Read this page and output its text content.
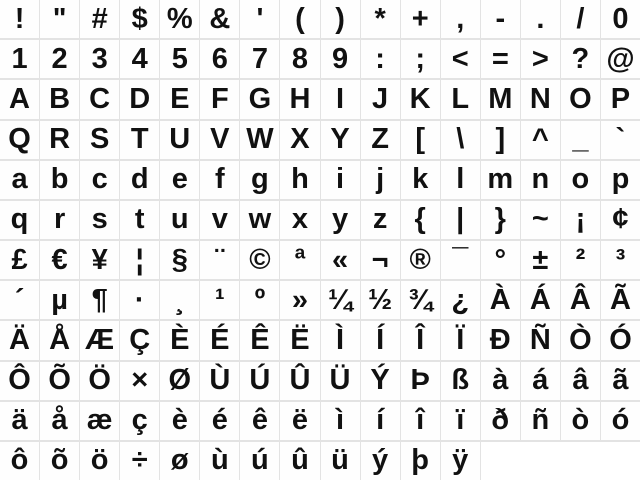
! " # $ % & '	(	)	* + ,	-	.	/ 0
1 2 3 4 5 6 7 8 9 :	; < = > ? @
A B C D E F G H I J K L M N O P
Q R S T U V W X Y Z [	\	] ^ _ `
a b c d e f g h i	j k l m n o p
q r s t u v w x y z {	|	} ~ ¡ ¢
£ € ¥ ¦ § ¨ © ª « ¬ ® ¯ ° ± ²	³
´ µ ¶ ·	¸	¹	º » ¼ ½ ¾ ¿ À Á Â Ã
Ä Å Æ Ç È É Ê Ë Ì	Í	Î	Ï Ð Ñ Ò Ó
Ô Õ Ö × Ø Ù Ú Û Ü Ý Þ ß à á â ã
ä å æ ç è é ê ë ì	í	î	ï ð ñ ò ó
ô õ ö ÷ ø ù ú û ü ý þ ÿ
